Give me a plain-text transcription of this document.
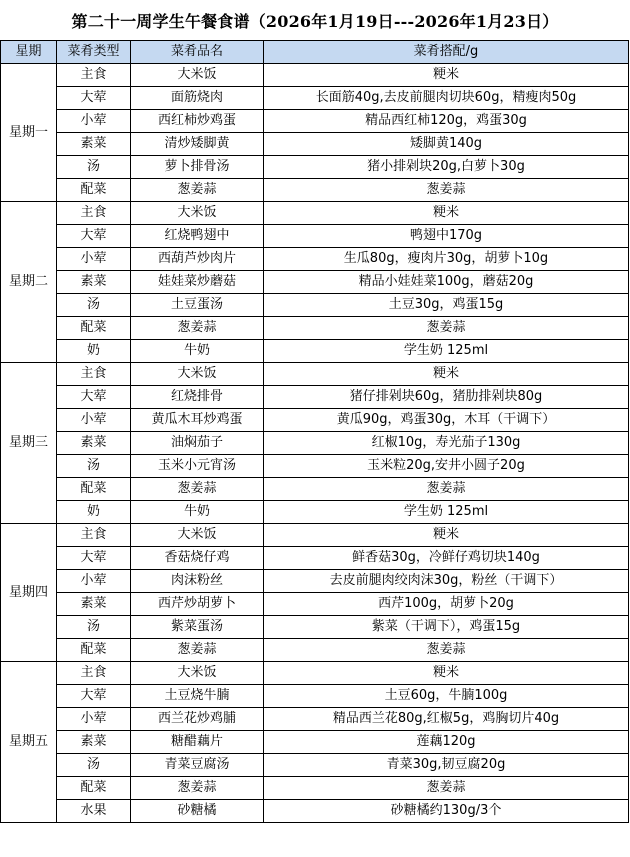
第二十一周学生午餐食谱（2026年1月19日---2026年1月23日）
星期	菜肴类型	菜肴品名	菜肴搭配/g
星期一	主食	大米饭	粳米
	大荤	面筋烧肉	长面筋40g,去皮前腿肉切块60g，精瘦肉50g
	小荤	西红柿炒鸡蛋	精品西红柿120g，鸡蛋30g
	素菜	清炒矮脚黄	矮脚黄140g
	汤	萝卜排骨汤	猪小排剁块20g,白萝卜30g
	配菜	葱姜蒜	葱姜蒜
星期二	主食	大米饭	粳米
	大荤	红烧鸭翅中	鸭翅中170g
	小荤	西葫芦炒肉片	生瓜80g，瘦肉片30g，胡萝卜10g
	素菜	娃娃菜炒蘑菇	精品小娃娃菜100g，蘑菇20g
	汤	土豆蛋汤	土豆30g，鸡蛋15g
	配菜	葱姜蒜	葱姜蒜
	奶	牛奶	学生奶 125ml
星期三	主食	大米饭	粳米
	大荤	红烧排骨	猪仔排剁块60g，猪肋排剁块80g
	小荤	黄瓜木耳炒鸡蛋	黄瓜90g，鸡蛋30g，木耳（干调下）
	素菜	油焖茄子	红椒10g，寿光茄子130g
	汤	玉米小元宵汤	玉米粒20g,安井小圆子20g
	配菜	葱姜蒜	葱姜蒜
	奶	牛奶	学生奶 125ml
星期四	主食	大米饭	粳米
	大荤	香菇烧仔鸡	鲜香菇30g，冷鲜仔鸡切块140g
	小荤	肉沫粉丝	去皮前腿肉绞肉沫30g，粉丝（干调下）
	素菜	西芹炒胡萝卜	西芹100g，胡萝卜20g
	汤	紫菜蛋汤	紫菜（干调下），鸡蛋15g
	配菜	葱姜蒜	葱姜蒜
星期五	主食	大米饭	粳米
	大荤	土豆烧牛腩	土豆60g，牛腩100g
	小荤	西兰花炒鸡脯	精品西兰花80g,红椒5g，鸡胸切片40g
	素菜	糖醋藕片	莲藕120g
	汤	青菜豆腐汤	青菜30g,韧豆腐20g
	配菜	葱姜蒜	葱姜蒜
	水果	砂糖橘	砂糖橘约130g/3个
